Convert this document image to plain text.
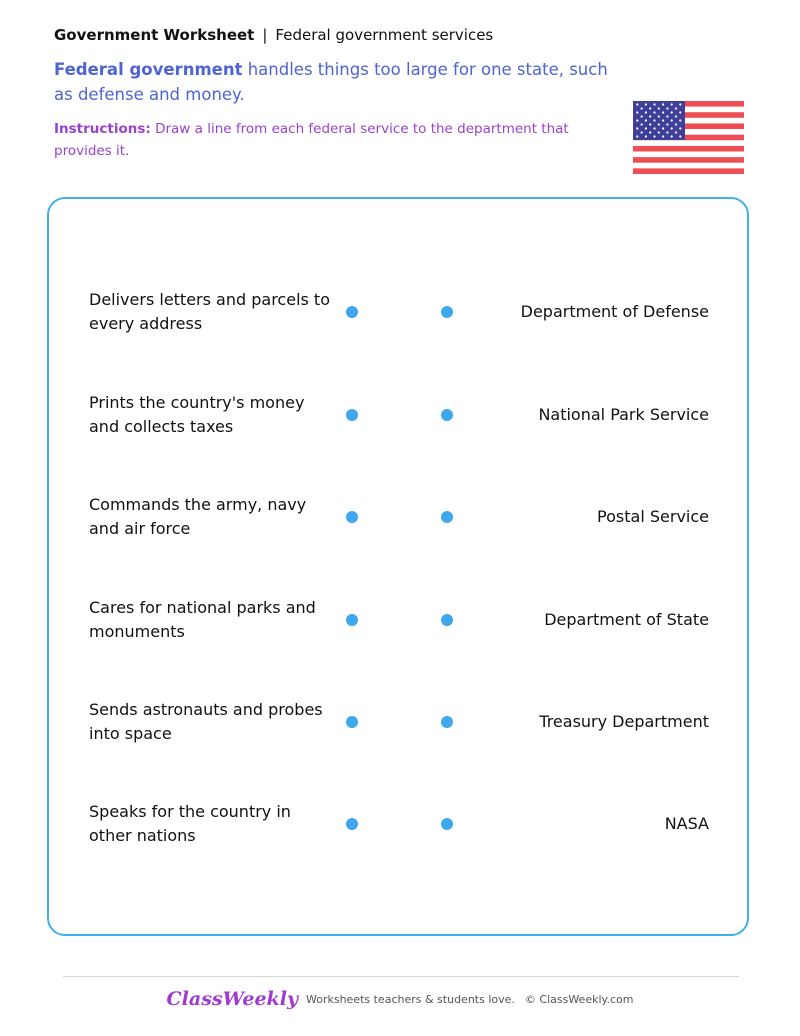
Government Worksheet | Federal government services
Federal government handles things too large for one state, such as defense and money.
Instructions: Draw a line from each federal service to the department that provides it.
Delivers letters and parcels to every address
Department of Defense
Prints the country's money and collects taxes
National Park Service
Commands the army, navy and air force
Postal Service
Cares for national parks and monuments
Department of State
Sends astronauts and probes into space
Treasury Department
Speaks for the country in other nations
NASA
ClassWeekly Worksheets teachers & students love. © ClassWeekly.com
